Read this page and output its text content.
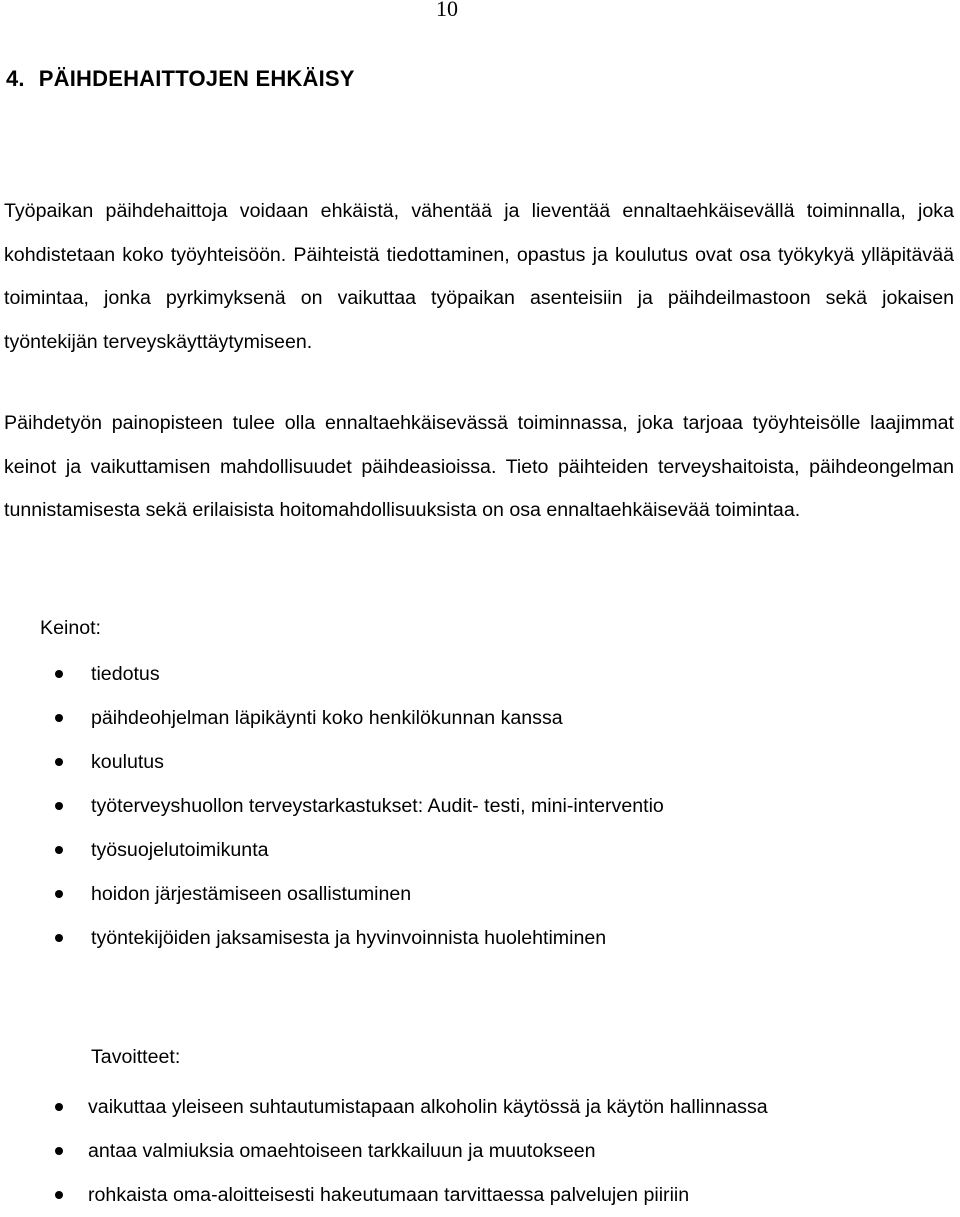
10
4. PÄIHDEHAITTOJEN EHKÄISY

Työpaikan päihdehaittoja voidaan ehkäistä, vähentää ja lieventää ennaltaehkäisevällä toiminnalla, joka kohdistetaan koko työyhteisöön. Päihteistä tiedottaminen, opastus ja koulutus ovat osa työkykyä ylläpitävää toimintaa, jonka pyrkimyksenä on vaikuttaa työpaikan asenteisiin ja päihdeilmastoon sekä jokaisen työntekijän terveyskäyttäytymiseen.

Päihdetyön painopisteen tulee olla ennaltaehkäisevässä toiminnassa, joka tarjoaa työyhteisölle laajimmat keinot ja vaikuttamisen mahdollisuudet päihdeasioissa. Tieto päihteiden terveyshaitoista, päihdeongelman tunnistamisesta sekä erilaisista hoitomahdollisuuksista on osa ennaltaehkäisevää toimintaa.

Keinot:
tiedotus
päihdeohjelman läpikäynti koko henkilökunnan kanssa
koulutus
työterveyshuollon terveystarkastukset: Audit- testi, mini-interventio
työsuojelutoimikunta
hoidon järjestämiseen osallistuminen
työntekijöiden jaksamisesta ja hyvinvoinnista huolehtiminen
Tavoitteet:
vaikuttaa yleiseen suhtautumistapaan alkoholin käytössä ja käytön hallinnassa
antaa valmiuksia omaehtoiseen tarkkailuun ja muutokseen
rohkaista oma-aloitteisesti hakeutumaan tarvittaessa palvelujen piiriin
